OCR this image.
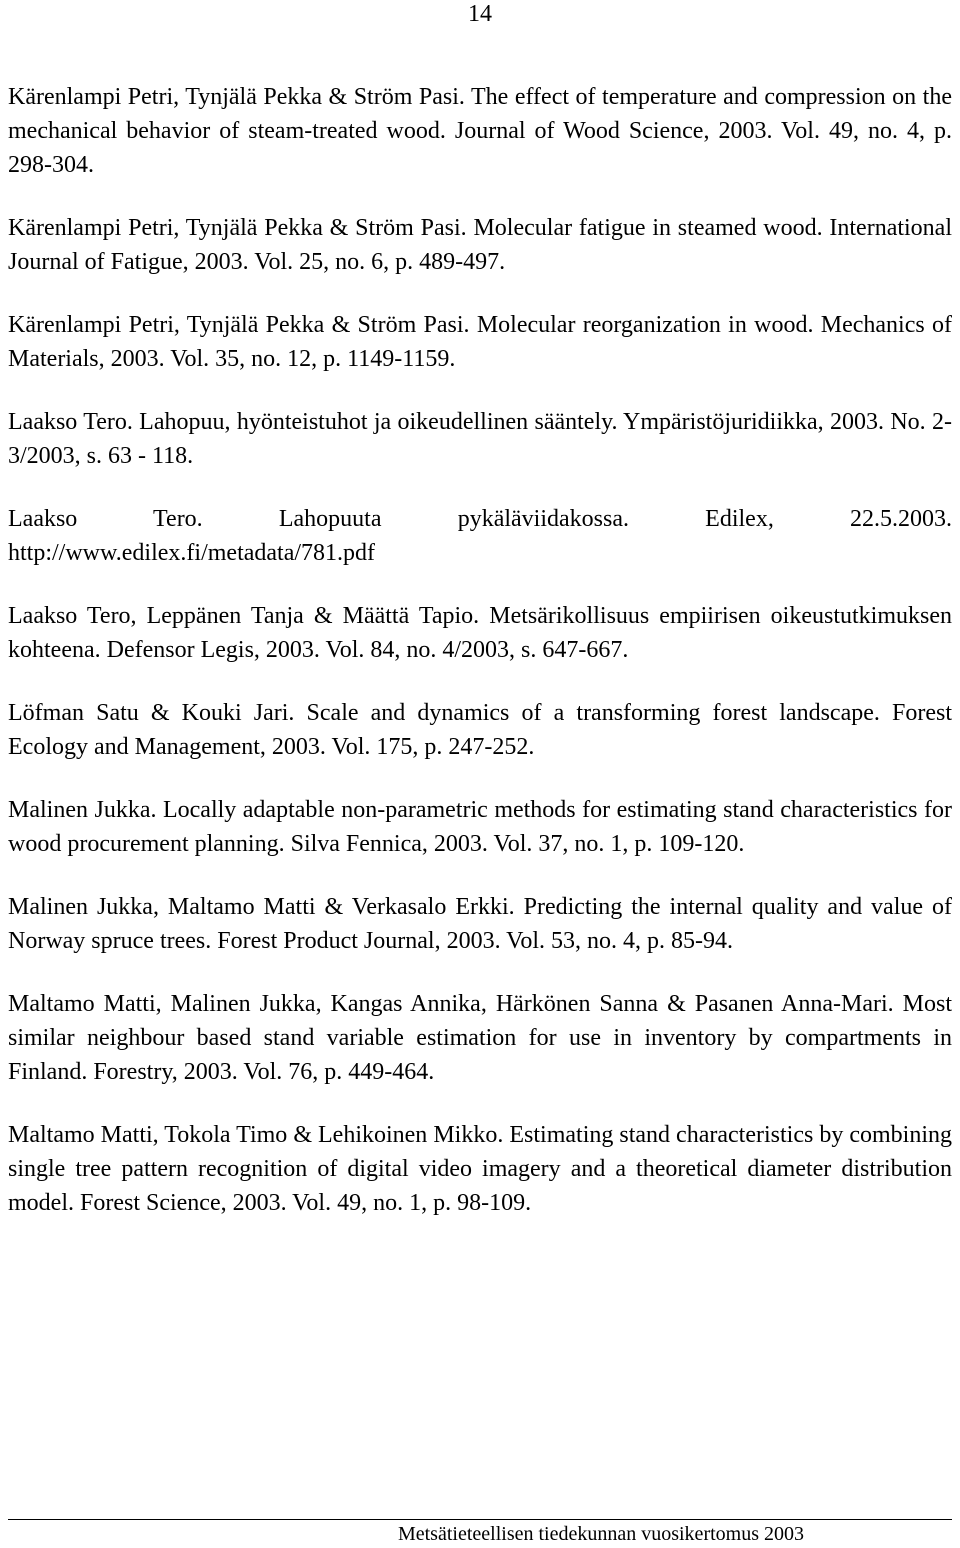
14

Kärenlampi Petri, Tynjälä Pekka & Ström Pasi. The effect of temperature and compression on the mechanical behavior of steam-treated wood. Journal of Wood Science, 2003. Vol. 49, no. 4, p. 298-304.

Kärenlampi Petri, Tynjälä Pekka & Ström Pasi. Molecular fatigue in steamed wood. International Journal of Fatigue, 2003. Vol. 25, no. 6, p. 489-497.

Kärenlampi Petri, Tynjälä Pekka & Ström Pasi. Molecular reorganization in wood. Mechanics of Materials, 2003. Vol. 35, no. 12, p. 1149-1159.

Laakso Tero. Lahopuu, hyönteistuhot ja oikeudellinen sääntely. Ympäristöjuridiikka, 2003. No. 2-3/2003, s. 63 - 118.

Laakso Tero. Lahopuuta pykäläviidakossa. Edilex, 22.5.2003. http://www.edilex.fi/metadata/781.pdf

Laakso Tero, Leppänen Tanja & Määttä Tapio. Metsärikollisuus empiirisen oikeustutkimuksen kohteena. Defensor Legis, 2003. Vol. 84, no. 4/2003, s. 647-667.

Löfman Satu & Kouki Jari. Scale and dynamics of a transforming forest landscape. Forest Ecology and Management, 2003. Vol. 175, p. 247-252.

Malinen Jukka. Locally adaptable non-parametric methods for estimating stand characteristics for wood procurement planning. Silva Fennica, 2003. Vol. 37, no. 1, p. 109-120.

Malinen Jukka, Maltamo Matti & Verkasalo Erkki. Predicting the internal quality and value of Norway spruce trees. Forest Product Journal, 2003. Vol. 53, no. 4, p. 85-94.

Maltamo Matti, Malinen Jukka, Kangas Annika, Härkönen Sanna & Pasanen Anna-Mari. Most similar neighbour based stand variable estimation for use in inventory by compartments in Finland. Forestry, 2003. Vol. 76, p. 449-464.

Maltamo Matti, Tokola Timo & Lehikoinen Mikko. Estimating stand characteristics by combining single tree pattern recognition of digital video imagery and a theoretical diameter distribution model. Forest Science, 2003. Vol. 49, no. 1, p. 98-109.

Metsätieteellisen tiedekunnan vuosikertomus 2003
